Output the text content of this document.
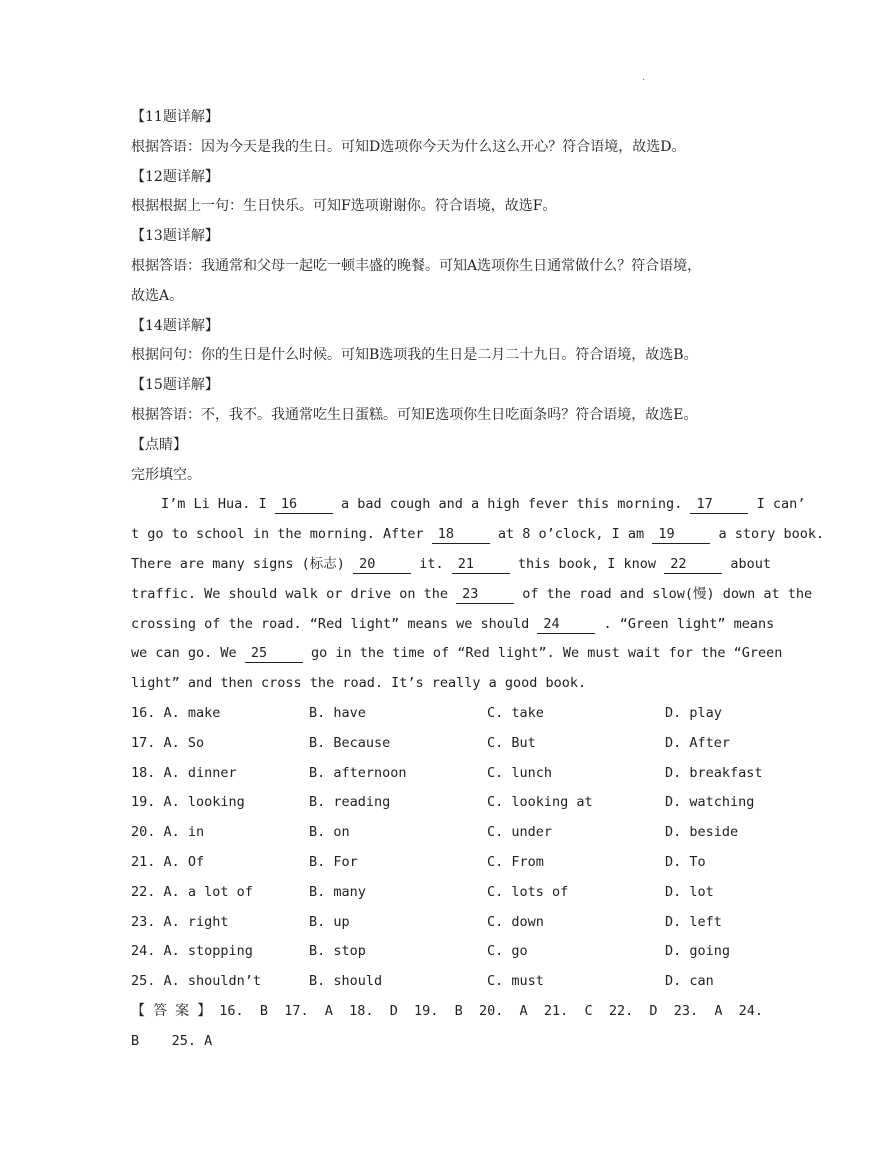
.
【11题详解】
根据答语：因为今天是我的生日。可知D选项你今天为什么这么开心？符合语境，故选D。
【12题详解】
根据根据上一句：生日快乐。可知F选项谢谢你。符合语境，故选F。
【13题详解】
根据答语：我通常和父母一起吃一顿丰盛的晚餐。可知A选项你生日通常做什么？符合语境，
故选A。
【14题详解】
根据问句：你的生日是什么时候。可知B选项我的生日是二月二十九日。符合语境，故选B。
【15题详解】
根据答语：不，我不。我通常吃生日蛋糕。可知E选项你生日吃面条吗？符合语境，故选E。
【点睛】
完形填空。
I’m Li Hua. I 16	a bad cough and a high fever this morning. 17	I can’
t go to school in the morning. After 18	at 8 o’clock, I am 19	a story book.
There are many signs (标志) 20	it. 21	this book, I know 22	about
traffic. We should walk or drive on the 23	of the road and slow(慢) down at the
crossing of the road. “Red light” means we should 24	. “Green light” means
we can go. We 25	go in the time of “Red light”. We must wait for the “Green
light” and then cross the road. It’s really a good book.
16. A. make	B. have	C. take	D. play
17. A. So	B. Because	C. But	D. After
18. A. dinner	B. afternoon	C. lunch	D. breakfast
19. A. looking	B. reading	C. looking at	D. watching
20. A. in	B. on	C. under	D. beside
21. A. Of	B. For	C. From	D. To
22. A. a lot of	B. many	C. lots of	D. lot
23. A. right	B. up	C. down	D. left
24. A. stopping	B. stop	C. go	D. going
25. A. shouldn’t	B. should	C. must	D. can
【答案】16. B 17. A 18. D 19. B 20. A 21. C 22. D 23. A 24.
B 25. A
